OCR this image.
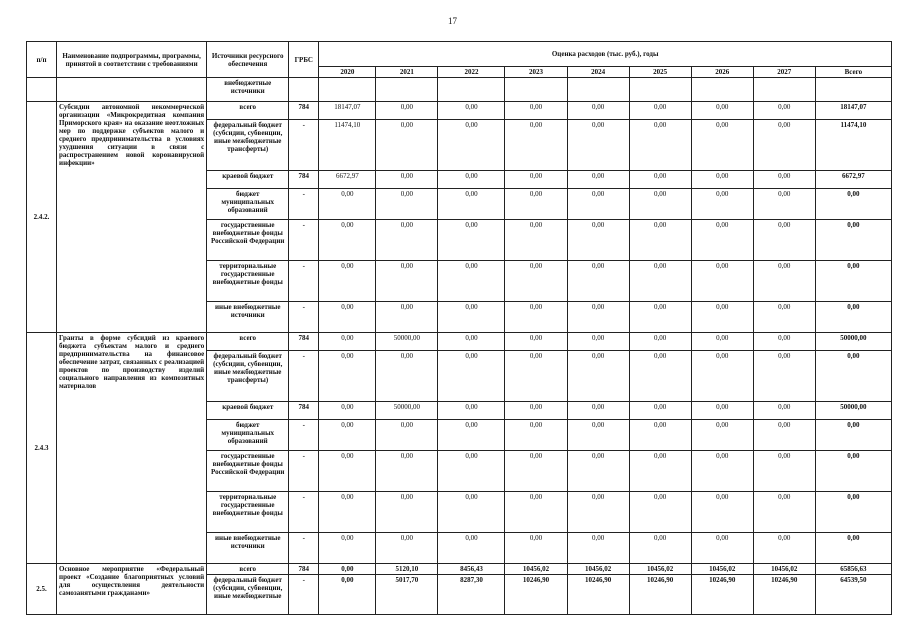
17
п/п	Наименование подпрограммы, программы, принятой в соответствии с требованиями	Источники ресурсного обеспечения	ГРБС	Оценка расходов (тыс. руб.), годы								
				2020	2021	2022	2023	2024	2025	2026	2027	Всего
		внебюджетные источники										
2.4.2.	Субсидии автономной некоммерческой организации «Микрокредитная компания Приморского края» на оказание неотложных мер по поддержке субъектов малого и среднего предпринимательства в условиях ухудшения ситуации в связи с распространением новой коронавирусной инфекции»	всего	784	18147,07	0,00	0,00	0,00	0,00	0,00	0,00	0,00	18147,07
		федеральный бюджет (субсидии, субвенции, иные межбюджетные трансферты)	-	11474,10	0,00	0,00	0,00	0,00	0,00	0,00	0,00	11474,10
		краевой бюджет	784	6672,97	0,00	0,00	0,00	0,00	0,00	0,00	0,00	6672,97
		бюджет муниципальных образований	-	0,00	0,00	0,00	0,00	0,00	0,00	0,00	0,00	0,00
		государственные внебюджетные фонды Российской Федерации	-	0,00	0,00	0,00	0,00	0,00	0,00	0,00	0,00	0,00
		территориальные государственные внебюджетные фонды	-	0,00	0,00	0,00	0,00	0,00	0,00	0,00	0,00	0,00
		иные внебюджетные источники	-	0,00	0,00	0,00	0,00	0,00	0,00	0,00	0,00	0,00
2.4.3	Гранты в форме субсидий из краевого бюджета субъектам малого и среднего предпринимательства на финансовое обеспечение затрат, связанных с реализацией проектов по производству изделий социального направления из композитных материалов	всего	784	0,00	50000,00	0,00	0,00	0,00	0,00	0,00	0,00	50000,00
		федеральный бюджет (субсидии, субвенции, иные межбюджетные трансферты)	-	0,00	0,00	0,00	0,00	0,00	0,00	0,00	0,00	0,00
		краевой бюджет	784	0,00	50000,00	0,00	0,00	0,00	0,00	0,00	0,00	50000,00
		бюджет муниципальных образований	-	0,00	0,00	0,00	0,00	0,00	0,00	0,00	0,00	0,00
		государственные внебюджетные фонды Российской Федерации	-	0,00	0,00	0,00	0,00	0,00	0,00	0,00	0,00	0,00
		территориальные государственные внебюджетные фонды	-	0,00	0,00	0,00	0,00	0,00	0,00	0,00	0,00	0,00
		иные внебюджетные источники	-	0,00	0,00	0,00	0,00	0,00	0,00	0,00	0,00	0,00
2.5.	Основное мероприятие «Федеральный проект «Создание благоприятных условий для осуществления деятельности самозанятыми гражданами»	всего	784	0,00	5120,10	8456,43	10456,02	10456,02	10456,02	10456,02	10456,02	65856,63
		федеральный бюджет (субсидии, субвенции, иные межбюджетные	-	0,00	5017,70	8287,30	10246,90	10246,90	10246,90	10246,90	10246,90	64539,50
